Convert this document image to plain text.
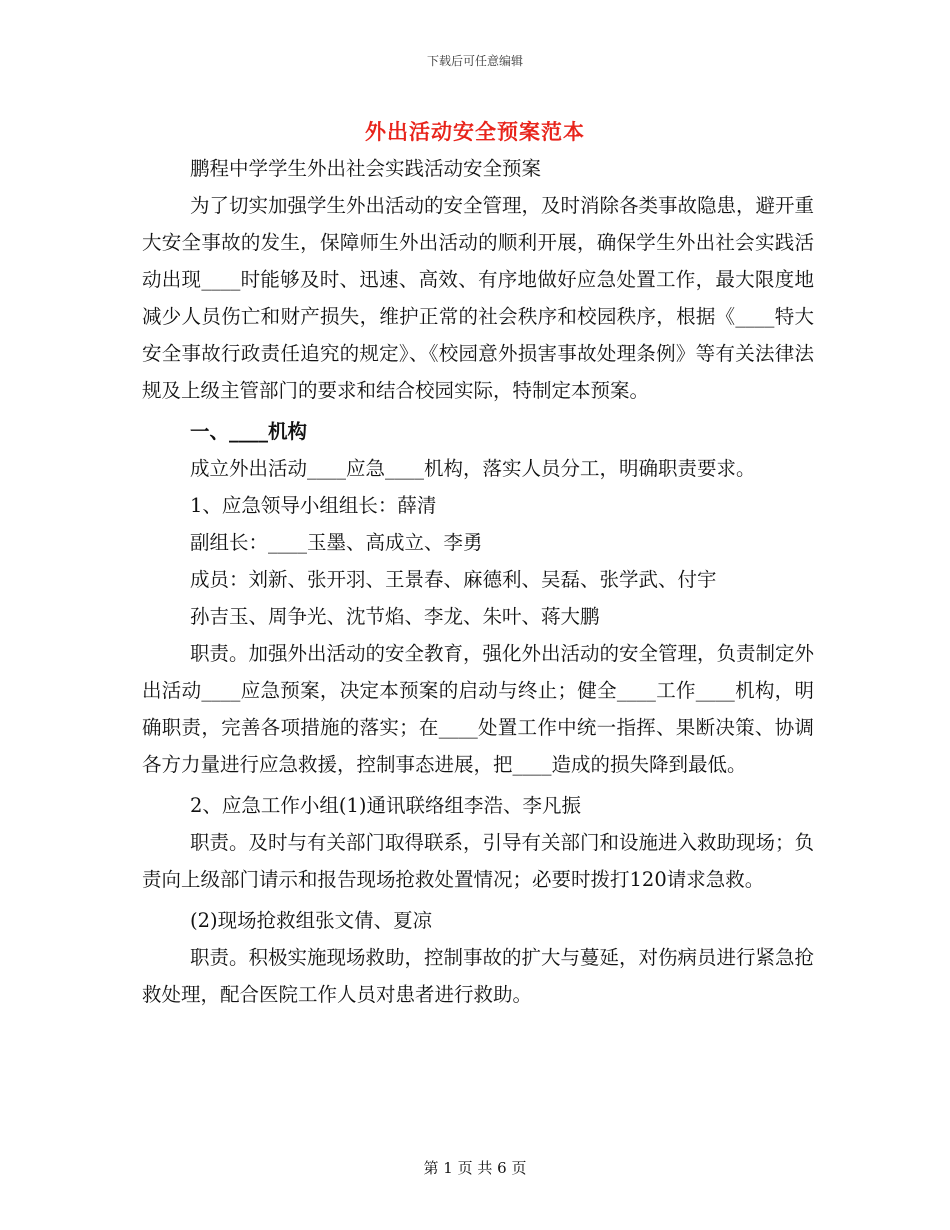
下载后可任意编辑
外出活动安全预案范本

鹏程中学学生外出社会实践活动安全预案

为了切实加强学生外出活动的安全管理，及时消除各类事故隐患，避开重大安全事故的发生，保障师生外出活动的顺利开展，确保学生外出社会实践活动出现____时能够及时、迅速、高效、有序地做好应急处置工作，最大限度地减少人员伤亡和财产损失，维护正常的社会秩序和校园秩序，根据《____特大安全事故行政责任追究的规定》、《校园意外损害事故处理条例》等有关法律法规及上级主管部门的要求和结合校园实际，特制定本预案。

一、____机构

成立外出活动____应急____机构，落实人员分工，明确职责要求。

1、应急领导小组组长：薛清

副组长：____玉墨、高成立、李勇

成员：刘新、张开羽、王景春、麻德利、吴磊、张学武、付宇

孙吉玉、周争光、沈节焰、李龙、朱叶、蒋大鹏

职责。加强外出活动的安全教育，强化外出活动的安全管理，负责制定外出活动____应急预案，决定本预案的启动与终止；健全____工作____机构，明确职责，完善各项措施的落实；在____处置工作中统一指挥、果断决策、协调各方力量进行应急救援，控制事态进展，把____造成的损失降到最低。

2、应急工作小组(1)通讯联络组李浩、李凡振

职责。及时与有关部门取得联系，引导有关部门和设施进入救助现场；负责向上级部门请示和报告现场抢救处置情况；必要时拨打120请求急救。

(2)现场抢救组张文倩、夏凉

职责。积极实施现场救助，控制事故的扩大与蔓延，对伤病员进行紧急抢救处理，配合医院工作人员对患者进行救助。

第 1 页 共 6 页
